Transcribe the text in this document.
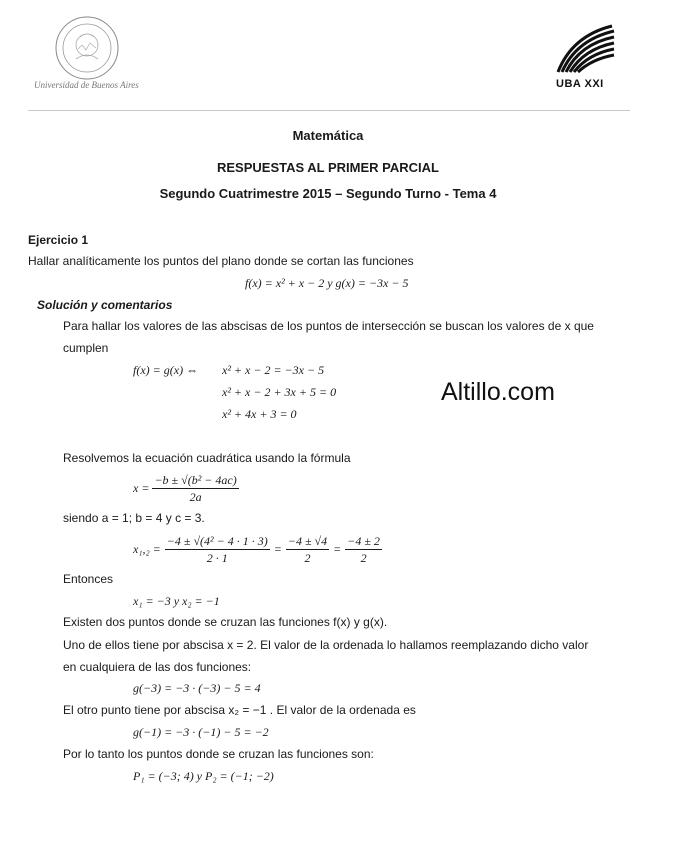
Universidad de Buenos Aires	UBA XXI
Matemática
RESPUESTAS AL PRIMER PARCIAL
Segundo Cuatrimestre 2015 – Segundo Turno - Tema 4
Ejercicio 1
Hallar analíticamente los puntos del plano donde se cortan las funciones
f(x) = x² + x − 2 y g(x) = −3x − 5
Solución y comentarios
Para hallar los valores de las abscisas de los puntos de intersección se buscan los valores de x que
cumplen
f(x) = g(x) ⇔ x² + x − 2 = −3x − 5
x² + x − 2 + 3x + 5 = 0
x² + 4x + 3 = 0
Altillo.com
Resolvemos la ecuación cuadrática usando la fórmula
$x = \frac{\text{−b ± √(b² − 4ac)}}{2a}$
siendo a = 1; b = 4 y c = 3.
$x_1,_2 = \frac{\text{−4 ± √(4² − 4 · 1 · 3)}}{2 \cdot 1} = \frac{-4 \pm √4}{2} = \frac{-4 \pm 2}{2}$
Entonces
x₁ = −3 y x₂ = −1
Existen dos puntos donde se cruzan las funciones f(x) y g(x).
Uno de ellos tiene por abscisa x = 2. El valor de la ordenada lo hallamos reemplazando dicho valor
en cualquiera de las dos funciones:
g(−3) = −3 · (−3) − 5 = 4
El otro punto tiene por abscisa x₂ = −1 . El valor de la ordenada es
g(−1) = −3 · (−1) − 5 = −2
Por lo tanto los puntos donde se cruzan las funciones son:
P₁ = (−3; 4) y P₂ = (−1; −2)
